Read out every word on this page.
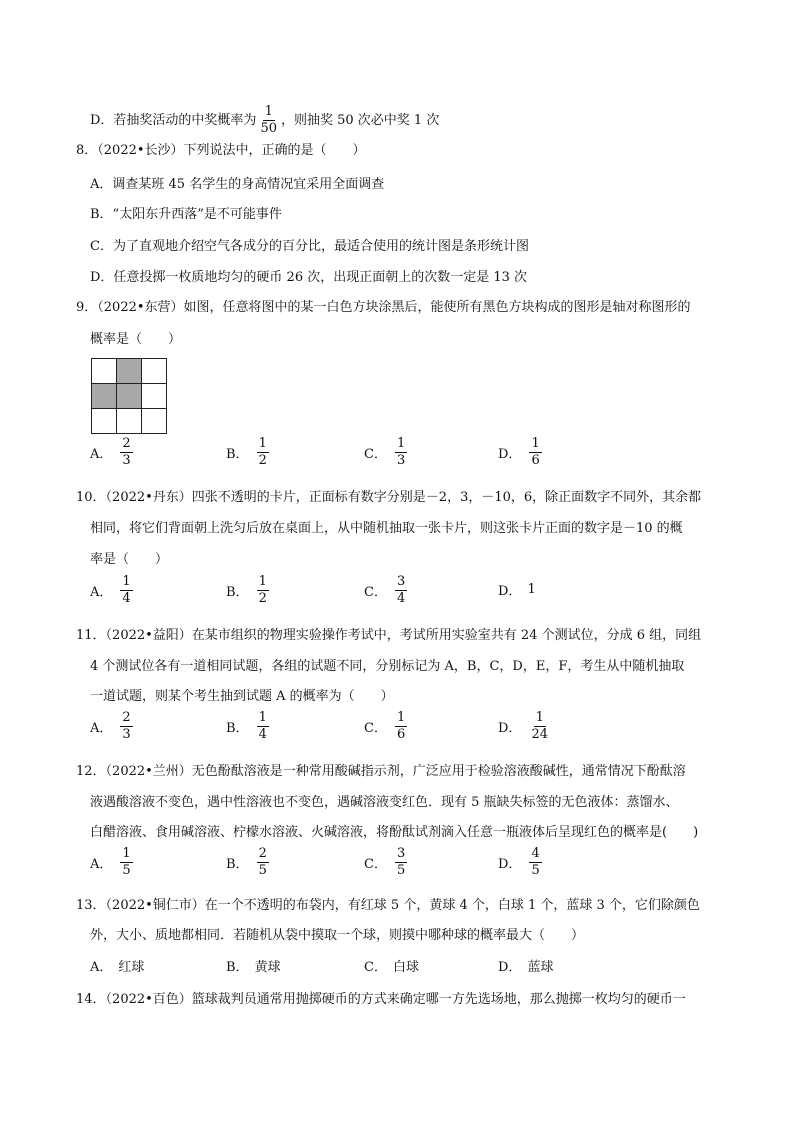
D．若抽奖活动的中奖概率为 $\frac{1}{50}$ ，则抽奖 50 次必中奖 1 次
8．（2022•长沙）下列说法中，正确的是（　　）
A．调查某班 45 名学生的身高情况宜采用全面调查
B．“太阳东升西落”是不可能事件
C．为了直观地介绍空气各成分的百分比，最适合使用的统计图是条形统计图
D．任意投掷一枚质地均匀的硬币 26 次，出现正面朝上的次数一定是 13 次
9．（2022•东营）如图，任意将图中的某一白色方块涂黑后，能使所有黑色方块构成的图形是轴对称图形的
概率是（　　）
A． $\frac{2}{3}$	B． $\frac{1}{2}$	C． $\frac{1}{3}$	D． $\frac{1}{6}$
10．（2022•丹东）四张不透明的卡片，正面标有数字分别是－2，3，－10，6，除正面数字不同外，其余都
相同，将它们背面朝上洗匀后放在桌面上，从中随机抽取一张卡片，则这张卡片正面的数字是－10 的概
率是（　　）
A． $\frac{1}{4}$	B． $\frac{1}{2}$	C． $\frac{3}{4}$	D． 1
11．（2022•益阳）在某市组织的物理实验操作考试中，考试所用实验室共有 24 个测试位，分成 6 组，同组
4 个测试位各有一道相同试题，各组的试题不同，分别标记为 A，B，C，D，E，F，考生从中随机抽取
一道试题，则某个考生抽到试题 A 的概率为（　　）
A． $\frac{2}{3}$	B． $\frac{1}{4}$	C． $\frac{1}{6}$	D． $\frac{1}{24}$
12．（2022•兰州）无色酚酞溶液是一种常用酸碱指示剂，广泛应用于检验溶液酸碱性，通常情况下酚酞溶
液遇酸溶液不变色，遇中性溶液也不变色，遇碱溶液变红色．现有 5 瓶缺失标签的无色液体：蒸馏水、
白醋溶液、食用碱溶液、柠檬水溶液、火碱溶液，将酚酞试剂滴入任意一瓶液体后呈现红色的概率是(　　)
A． $\frac{1}{5}$	B． $\frac{2}{5}$	C． $\frac{3}{5}$	D． $\frac{4}{5}$
13．（2022•铜仁市）在一个不透明的布袋内，有红球 5 个，黄球 4 个，白球 1 个，蓝球 3 个，它们除颜色
外，大小、质地都相同．若随机从袋中摸取一个球，则摸中哪种球的概率最大（　　）
A． 红球	B． 黄球	C． 白球	D． 蓝球
14．（2022•百色）篮球裁判员通常用抛掷硬币的方式来确定哪一方先选场地，那么抛掷一枚均匀的硬币一
